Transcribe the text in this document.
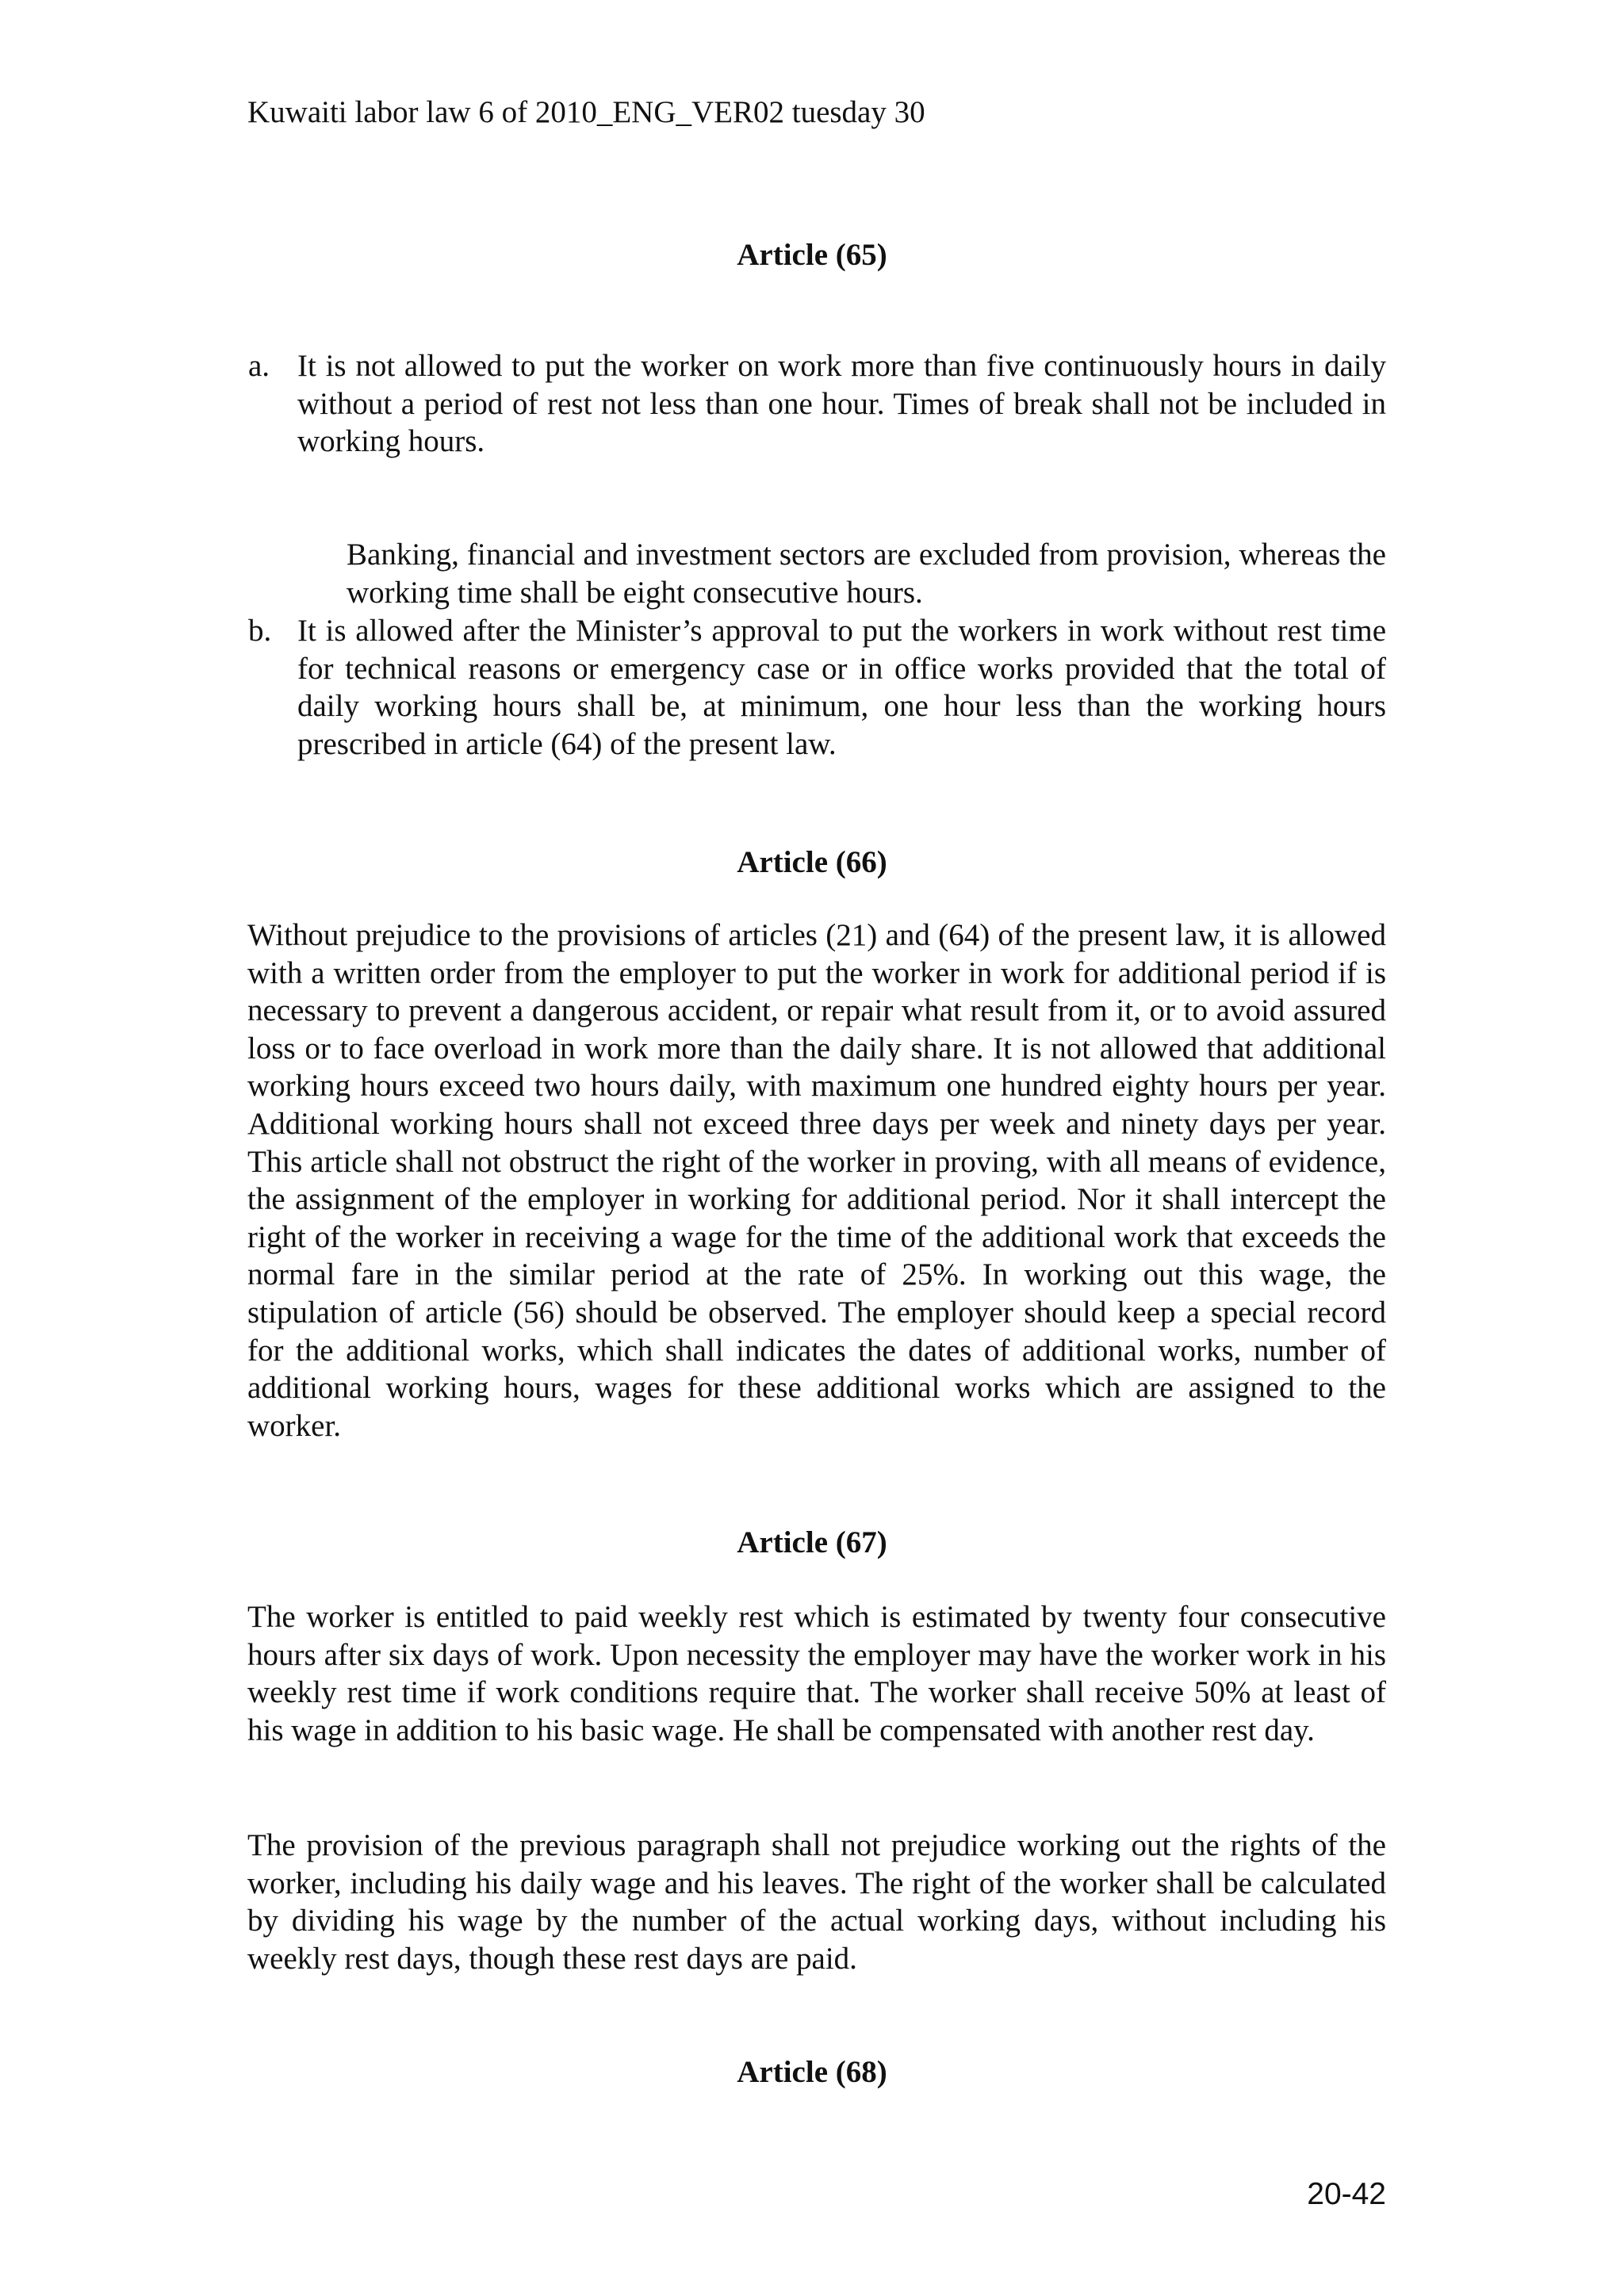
Kuwaiti labor law 6 of 2010_ENG_VER02 tuesday 30
Article (65)
a. It is not allowed to put the worker on work more than five continuously hours in daily without a period of rest not less than one hour. Times of break shall not be included in working hours.
Banking, financial and investment sectors are excluded from provision, whereas the working time shall be eight consecutive hours.
b. It is allowed after the Minister’s approval to put the workers in work without rest time for technical reasons or emergency case or in office works provided that the total of daily working hours shall be, at minimum, one hour less than the working hours prescribed in article (64) of the present law.
Article (66)
Without prejudice to the provisions of articles (21) and (64) of the present law, it is allowed with a written order from the employer to put the worker in work for additional period if is necessary to prevent a dangerous accident, or repair what result from it, or to avoid assured loss or to face overload in work more than the daily share. It is not allowed that additional working hours exceed two hours daily, with maximum one hundred eighty hours per year. Additional working hours shall not exceed three days per week and ninety days per year. This article shall not obstruct the right of the worker in proving, with all means of evidence, the assignment of the employer in working for additional period. Nor it shall intercept the right of the worker in receiving a wage for the time of the additional work that exceeds the normal fare in the similar period at the rate of 25%. In working out this wage, the stipulation of article (56) should be observed. The employer should keep a special record for the additional works, which shall indicates the dates of additional works, number of additional working hours, wages for these additional works which are assigned to the worker.
Article (67)
The worker is entitled to paid weekly rest which is estimated by twenty four consecutive hours after six days of work. Upon necessity the employer may have the worker work in his weekly rest time if work conditions require that. The worker shall receive 50% at least of his wage in addition to his basic wage. He shall be compensated with another rest day.
The provision of the previous paragraph shall not prejudice working out the rights of the worker, including his daily wage and his leaves. The right of the worker shall be calculated by dividing his wage by the number of the actual working days, without including his weekly rest days, though these rest days are paid.
Article (68)
20-42
